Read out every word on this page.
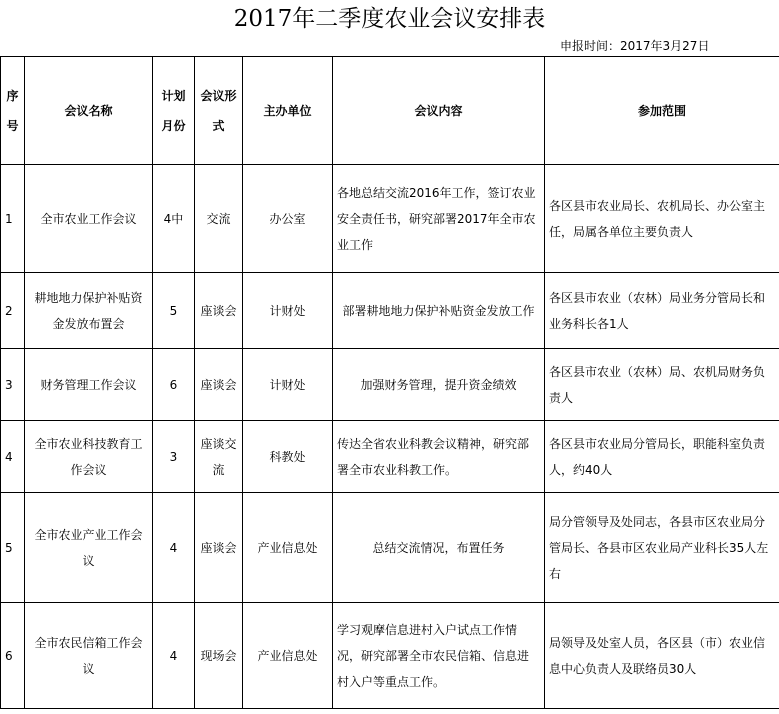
2017年二季度农业会议安排表
申报时间：2017年3月27日
序号	会议名称	计划月份	会议形式	主办单位	会议内容	参加范围
1	全市农业工作会议	4中	交流	办公室	各地总结交流2016年工作，签订农业安全责任书，研究部署2017年全市农业工作	各区县市农业局长、农机局长、办公室主任，局属各单位主要负责人
2	耕地地力保护补贴资金发放布置会	5	座谈会	计财处	部署耕地地力保护补贴资金发放工作	各区县市农业（农林）局业务分管局长和业务科长各1人
3	财务管理工作会议	6	座谈会	计财处	加强财务管理，提升资金绩效	各区县市农业（农林）局、农机局财务负责人
4	全市农业科技教育工作会议	3	座谈交流	科教处	传达全省农业科教会议精神，研究部署全市农业科教工作。	各区县市农业局分管局长，职能科室负责人，约40人
5	全市农业产业工作会议	4	座谈会	产业信息处	总结交流情况，布置任务	局分管领导及处同志，各县市区农业局分管局长、各县市区农业局产业科长35人左右
6	全市农民信箱工作会议	4	现场会	产业信息处	学习观摩信息进村入户试点工作情况，研究部署全市农民信箱、信息进村入户等重点工作。	局领导及处室人员，各区县（市）农业信息中心负责人及联络员30人
